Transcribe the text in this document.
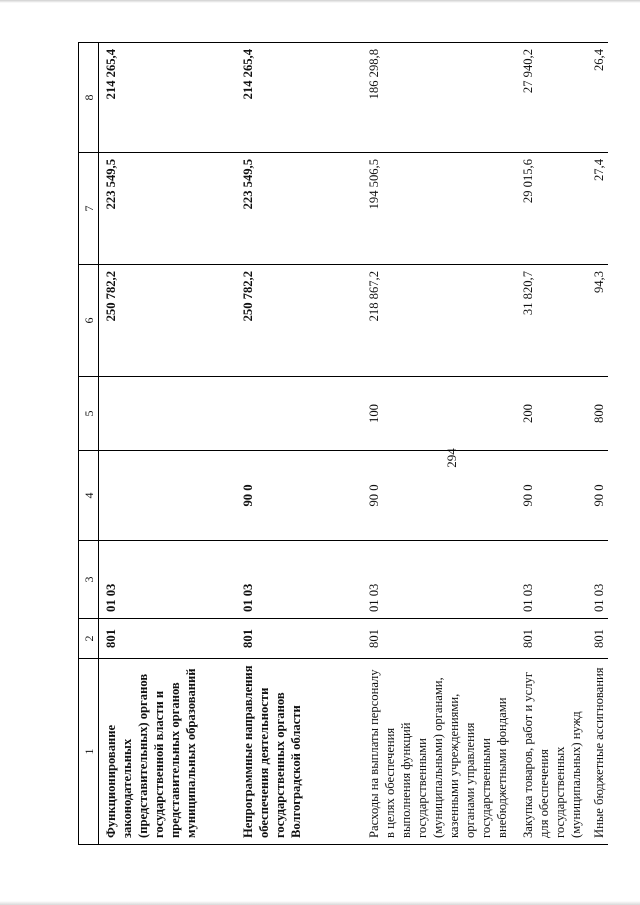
294
1	2	3	4	5	6	7	8
Функционирование законодательных (представительных) органов государственной власти и представительных органов муниципальных образований	801	01 03			250 782,2	223 549,5	214 265,4
Непрограммные направления обеспечения деятельности государственных органов Волгоградской области	801	01 03	90 0		250 782,2	223 549,5	214 265,4
Расходы на выплаты персоналу в целях обеспечения выполнения функций государственными (муниципальными) органами, казенными учреждениями, органами управления государственными внебюджетными фондами	801	01 03	90 0	100	218 867,2	194 506,5	186 298,8
Закупка товаров, работ и услуг для обеспечения государственных (муниципальных) нужд	801	01 03	90 0	200	31 820,7	29 015,6	27 940,2
Иные бюджетные ассигнования	801	01 03	90 0	800	94,3	27,4	26,4
